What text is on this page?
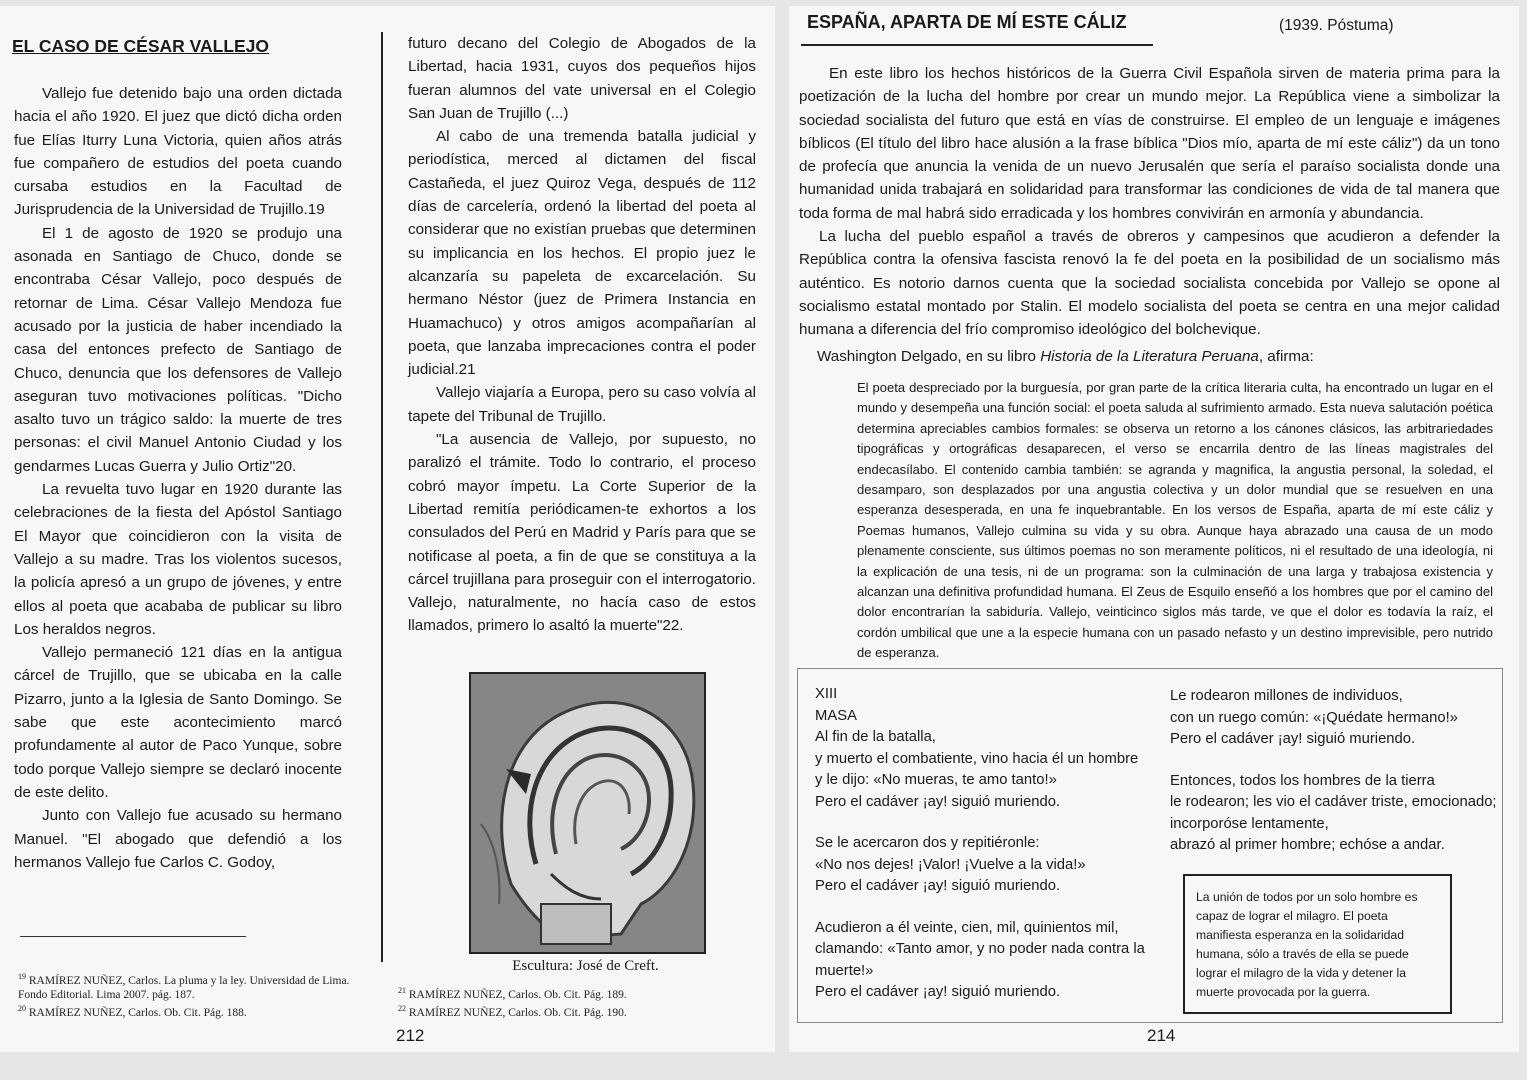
EL CASO DE CÉSAR VALLEJO

Vallejo fue detenido bajo una orden dictada hacia el año 1920. El juez que dictó dicha orden fue Elías Iturry Luna Victoria, quien años atrás fue compañero de estudios del poeta cuando cursaba estudios en la Facultad de Jurisprudencia de la Universidad de Trujillo.19

El 1 de agosto de 1920 se produjo una asonada en Santiago de Chuco, donde se encontraba César Vallejo, poco después de retornar de Lima. César Vallejo Mendoza fue acusado por la justicia de haber incendiado la casa del entonces prefecto de Santiago de Chuco, denuncia que los defensores de Vallejo aseguran tuvo motivaciones políticas. "Dicho asalto tuvo un trágico saldo: la muerte de tres personas: el civil Manuel Antonio Ciudad y los gendarmes Lucas Guerra y Julio Ortiz"20.

La revuelta tuvo lugar en 1920 durante las celebraciones de la fiesta del Apóstol Santiago El Mayor que coincidieron con la visita de Vallejo a su madre. Tras los violentos sucesos, la policía apresó a un grupo de jóvenes, y entre ellos al poeta que acababa de publicar su libro Los heraldos negros.

Vallejo permaneció 121 días en la antigua cárcel de Trujillo, que se ubicaba en la calle Pizarro, junto a la Iglesia de Santo Domingo. Se sabe que este acontecimiento marcó profundamente al autor de Paco Yunque, sobre todo porque Vallejo siempre se declaró inocente de este delito.

Junto con Vallejo fue acusado su hermano Manuel. "El abogado que defendió a los hermanos Vallejo fue Carlos C. Godoy,

futuro decano del Colegio de Abogados de la Libertad, hacia 1931, cuyos dos pequeños hijos fueran alumnos del vate universal en el Colegio San Juan de Trujillo (...)

Al cabo de una tremenda batalla judicial y periodística, merced al dictamen del fiscal Castañeda, el juez Quiroz Vega, después de 112 días de carcelería, ordenó la libertad del poeta al considerar que no existían pruebas que determinen su implicancia en los hechos. El propio juez le alcanzaría su papeleta de excarcelación. Su hermano Néstor (juez de Primera Instancia en Huamachuco) y otros amigos acompañarían al poeta, que lanzaba imprecaciones contra el poder judicial.21

Vallejo viajaría a Europa, pero su caso volvía al tapete del Tribunal de Trujillo.

"La ausencia de Vallejo, por supuesto, no paralizó el trámite. Todo lo contrario, el proceso cobró mayor ímpetu. La Corte Superior de la Libertad remitía periódicamen-te exhortos a los consulados del Perú en Madrid y París para que se notificase al poeta, a fin de que se constituya a la cárcel trujillana para proseguir con el interrogatorio. Vallejo, naturalmente, no hacía caso de estos llamados, primero lo asaltó la muerte"22.

Escultura: José de Creft.
$^{19}$ RAMÍREZ NUÑEZ, Carlos. La pluma y la ley. Universidad de Lima. Fondo Editorial. Lima 2007. pág. 187.
$^{20}$ RAMÍREZ NUÑEZ, Carlos. Ob. Cit. Pág. 188.
$^{21}$ RAMÍREZ NUÑEZ, Carlos. Ob. Cit. Pág. 189.
$^{22}$ RAMÍREZ NUÑEZ, Carlos. Ob. Cit. Pág. 190.
212
ESPAÑA, APARTA DE MÍ ESTE CÁLIZ	(1939. Póstuma)

En este libro los hechos históricos de la Guerra Civil Española sirven de materia prima para la poetización de la lucha del hombre por crear un mundo mejor. La República viene a simbolizar la sociedad socialista del futuro que está en vías de construirse. El empleo de un lenguaje e imágenes bíblicos (El título del libro hace alusión a la frase bíblica "Dios mío, aparta de mí este cáliz") da un tono de profecía que anuncia la venida de un nuevo Jerusalén que sería el paraíso socialista donde una humanidad unida trabajará en solidaridad para transformar las condiciones de vida de tal manera que toda forma de mal habrá sido erradicada y los hombres convivirán en armonía y abundancia.

La lucha del pueblo español a través de obreros y campesinos que acudieron a defender la República contra la ofensiva fascista renovó la fe del poeta en la posibilidad de un socialismo más auténtico. Es notorio darnos cuenta que la sociedad socialista concebida por Vallejo se opone al socialismo estatal montado por Stalin. El modelo socialista del poeta se centra en una mejor calidad humana a diferencia del frío compromiso ideológico del bolchevique.

Washington Delgado, en su libro Historia de la Literatura Peruana, afirma:

El poeta despreciado por la burguesía, por gran parte de la crítica literaria culta, ha encontrado un lugar en el mundo y desempeña una función social: el poeta saluda al sufrimiento armado. Esta nueva salutación poética determina apreciables cambios formales: se observa un retorno a los cánones clásicos, las arbitrariedades tipográficas y ortográficas desaparecen, el verso se encarrila dentro de las líneas magistrales del endecasílabo. El contenido cambia también: se agranda y magnifica, la angustia personal, la soledad, el desamparo, son desplazados por una angustia colectiva y un dolor mundial que se resuelven en una esperanza desesperada, en una fe inquebrantable. En los versos de España, aparta de mí este cáliz y Poemas humanos, Vallejo culmina su vida y su obra. Aunque haya abrazado una causa de un modo plenamente consciente, sus últimos poemas no son meramente políticos, ni el resultado de una ideología, ni la explicación de una tesis, ni de un programa: son la culminación de una larga y trabajosa existencia y alcanzan una definitiva profundidad humana. El Zeus de Esquilo enseñó a los hombres que por el camino del dolor encontrarían la sabiduría. Vallejo, veinticinco siglos más tarde, ve que el dolor es todavía la raíz, el cordón umbilical que une a la especie humana con un pasado nefasto y un destino imprevisible, pero nutrido de esperanza.

XIII
MASA
Al fin de la batalla,
y muerto el combatiente, vino hacia él un hombre
y le dijo: «No mueras, te amo tanto!»
Pero el cadáver ¡ay! siguió muriendo.
Se le acercaron dos y repitiéronle:
«No nos dejes! ¡Valor! ¡Vuelve a la vida!»
Pero el cadáver ¡ay! siguió muriendo.
Acudieron a él veinte, cien, mil, quinientos mil,
clamando: «Tanto amor, y no poder nada contra la
muerte!»
Pero el cadáver ¡ay! siguió muriendo.
Le rodearon millones de individuos,
con un ruego común: «¡Quédate hermano!»
Pero el cadáver ¡ay! siguió muriendo.
Entonces, todos los hombres de la tierra
le rodearon; les vio el cadáver triste, emocionado;
incorporóse lentamente,
abrazó al primer hombre; echóse a andar.
La unión de todos por un solo hombre es capaz de lograr el milagro. El poeta manifiesta esperanza en la solidaridad humana, sólo a través de ella se puede lograr el milagro de la vida y detener la muerte provocada por la guerra.
214
